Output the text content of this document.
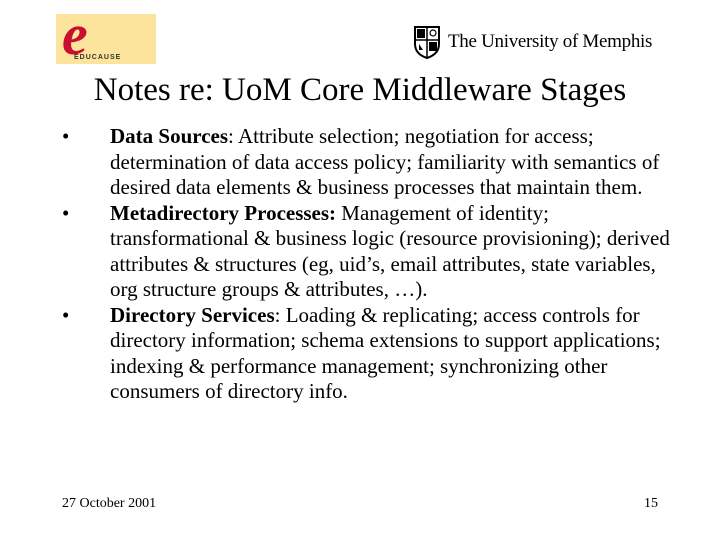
e
EDUCAUSE
The University of Memphis
Notes re: UoM Core Middleware Stages
• Data Sources: Attribute selection; negotiation for access; determination of data access policy; familiarity with semantics of desired data elements & business processes that maintain them.
• Metadirectory Processes: Management of identity; transformational & business logic (resource provisioning); derived attributes & structures (eg, uid’s, email attributes, state variables, org structure groups & attributes, …).
• Directory Services: Loading & replicating; access controls for directory information; schema extensions to support applications; indexing & performance management; synchronizing other consumers of directory info.
27 October 2001	15
